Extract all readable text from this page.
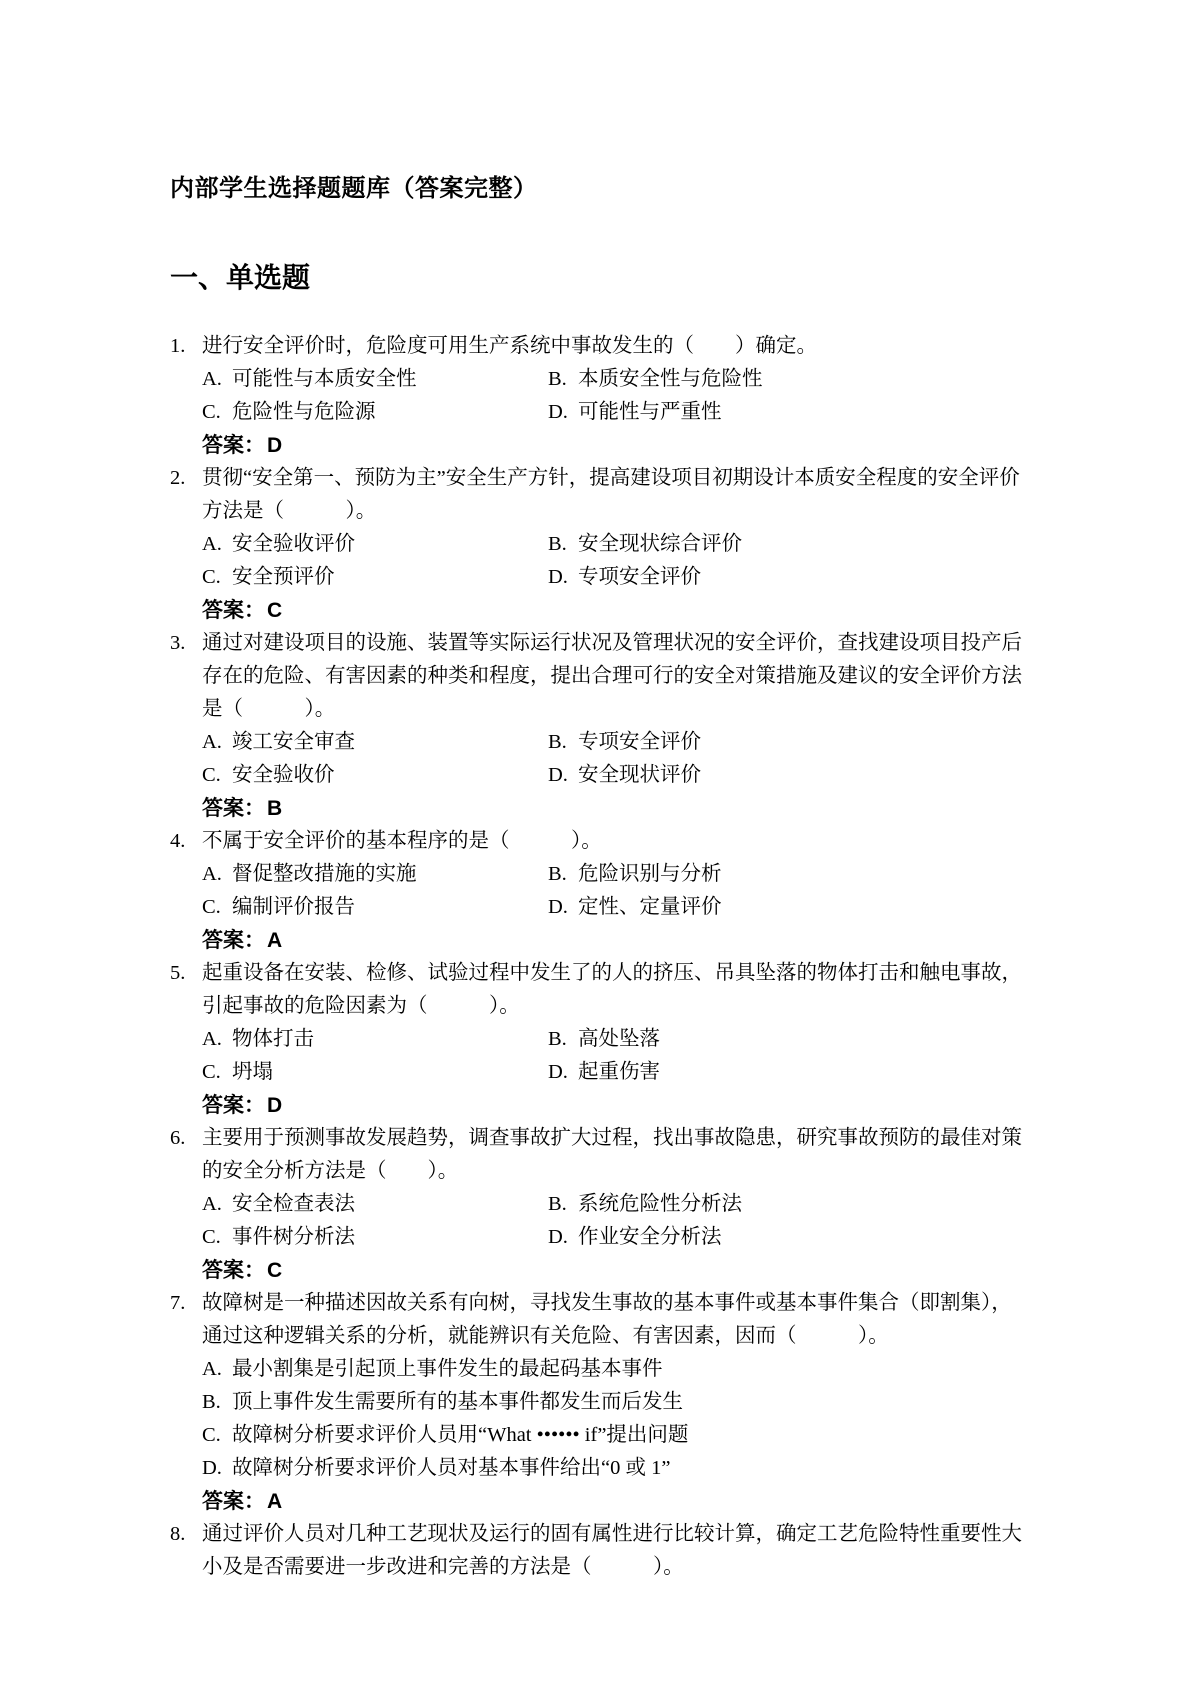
内部学生选择题题库（答案完整）
一、单选题
1. 进行安全评价时，危险度可用生产系统中事故发生的（　　）确定。
A. 可能性与本质安全性	B. 本质安全性与危险性
C. 危险性与危险源	D. 可能性与严重性
答案：D
2. 贯彻“安全第一、预防为主”安全生产方针，提高建设项目初期设计本质安全程度的安全评价方法是（　　　）。
A. 安全验收评价	B. 安全现状综合评价
C. 安全预评价	D. 专项安全评价
答案：C
3. 通过对建设项目的设施、装置等实际运行状况及管理状况的安全评价，查找建设项目投产后存在的危险、有害因素的种类和程度，提出合理可行的安全对策措施及建议的安全评价方法是（　　　）。
A. 竣工安全审查	B. 专项安全评价
C. 安全验收价	D. 安全现状评价
答案：B
4. 不属于安全评价的基本程序的是（　　　）。
A. 督促整改措施的实施	B. 危险识别与分析
C. 编制评价报告	D. 定性、定量评价
答案：A
5. 起重设备在安装、检修、试验过程中发生了的人的挤压、吊具坠落的物体打击和触电事故，引起事故的危险因素为（　　　）。
A. 物体打击	B. 高处坠落
C. 坍塌	D. 起重伤害
答案：D
6. 主要用于预测事故发展趋势，调查事故扩大过程，找出事故隐患，研究事故预防的最佳对策的安全分析方法是（　　）。
A. 安全检查表法	B. 系统危险性分析法
C. 事件树分析法	D. 作业安全分析法
答案：C
7. 故障树是一种描述因故关系有向树，寻找发生事故的基本事件或基本事件集合（即割集），通过这种逻辑关系的分析，就能辨识有关危险、有害因素，因而（　　　）。
A. 最小割集是引起顶上事件发生的最起码基本事件
B. 顶上事件发生需要所有的基本事件都发生而后发生
C. 故障树分析要求评价人员用“What •••••• if”提出问题
D. 故障树分析要求评价人员对基本事件给出“0 或 1”
答案：A
8. 通过评价人员对几种工艺现状及运行的固有属性进行比较计算，确定工艺危险特性重要性大小及是否需要进一步改进和完善的方法是（　　　）。
